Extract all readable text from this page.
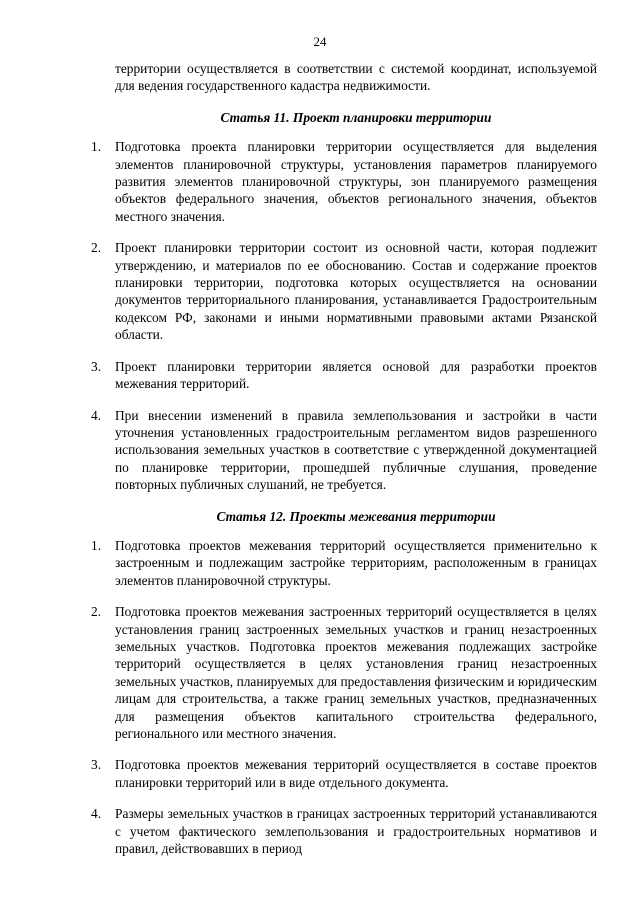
24

территории осуществляется в соответствии с системой координат, используемой для ведения государственного кадастра недвижимости.

Статья 11. Проект планировки территории

1.	Подготовка проекта планировки территории осуществляется для выделения элементов планировочной структуры, установления параметров планируемого развития элементов планировочной структуры, зон планируемого размещения объектов федерального значения, объектов регионального значения, объектов местного значения.

2.	Проект планировки территории состоит из основной части, которая подлежит утверждению, и материалов по ее обоснованию. Состав и содержание проектов планировки территории, подготовка которых осуществляется на основании документов территориального планирования, устанавливается Градостроительным кодексом РФ, законами и иными нормативными правовыми актами Рязанской области.

3.	Проект планировки территории является основой для разработки проектов межевания территорий.

4.	При внесении изменений в правила землепользования и застройки в части уточнения установленных градостроительным регламентом видов разрешенного использования земельных участков в соответствие с утвержденной документацией по планировке территории, прошедшей публичные слушания, проведение повторных публичных слушаний, не требуется.

Статья 12. Проекты межевания территории

1.	Подготовка проектов межевания территорий осуществляется применительно к застроенным и подлежащим застройке территориям, расположенным в границах элементов планировочной структуры.

2.	Подготовка проектов межевания застроенных территорий осуществляется в целях установления границ застроенных земельных участков и границ незастроенных земельных участков. Подготовка проектов межевания подлежащих застройке территорий осуществляется в целях установления границ незастроенных земельных участков, планируемых для предоставления физическим и юридическим лицам для строительства, а также границ земельных участков, предназначенных для размещения объектов капитального строительства федерального, регионального или местного значения.

3.	Подготовка проектов межевания территорий осуществляется в составе проектов планировки территорий или в виде отдельного документа.

4.	Размеры земельных участков в границах застроенных территорий устанавливаются с учетом фактического землепользования и градостроительных нормативов и правил, действовавших в период
